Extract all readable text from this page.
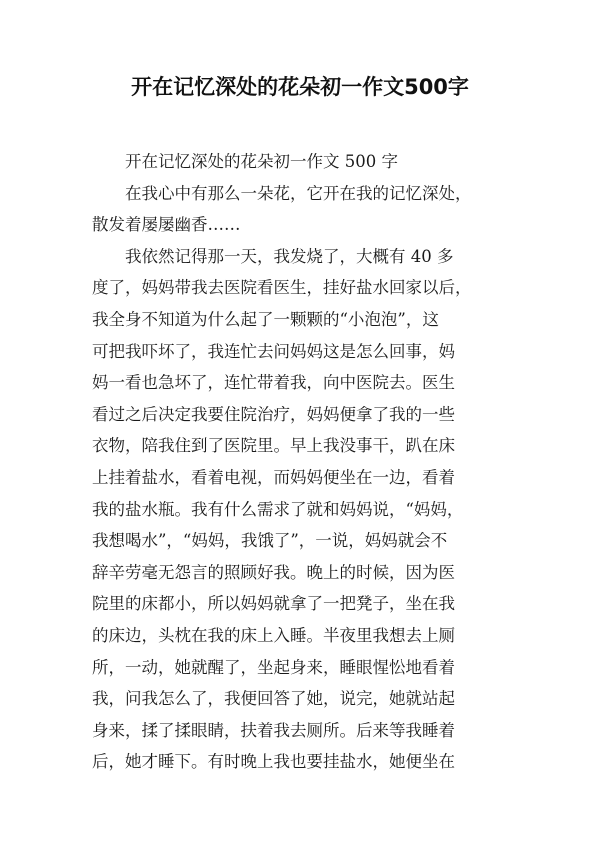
开在记忆深处的花朵初一作文500字

开在记忆深处的花朵初一作文 500 字

在我心中有那么一朵花，它开在我的记忆深处，
散发着屡屡幽香……

我依然记得那一天，我发烧了，大概有 40 多
度了，妈妈带我去医院看医生，挂好盐水回家以后，
我全身不知道为什么起了一颗颗的“小泡泡”，这
可把我吓坏了，我连忙去问妈妈这是怎么回事，妈
妈一看也急坏了，连忙带着我，向中医院去。医生
看过之后决定我要住院治疗，妈妈便拿了我的一些
衣物，陪我住到了医院里。早上我没事干，趴在床
上挂着盐水，看着电视，而妈妈便坐在一边，看着
我的盐水瓶。我有什么需求了就和妈妈说，“妈妈，
我想喝水”，“妈妈，我饿了”，一说，妈妈就会不
辞辛劳毫无怨言的照顾好我。晚上的时候，因为医
院里的床都小，所以妈妈就拿了一把凳子，坐在我
的床边，头枕在我的床上入睡。半夜里我想去上厕
所，一动，她就醒了，坐起身来，睡眼惺忪地看着
我，问我怎么了，我便回答了她，说完，她就站起
身来，揉了揉眼睛，扶着我去厕所。后来等我睡着
后，她才睡下。有时晚上我也要挂盐水，她便坐在
